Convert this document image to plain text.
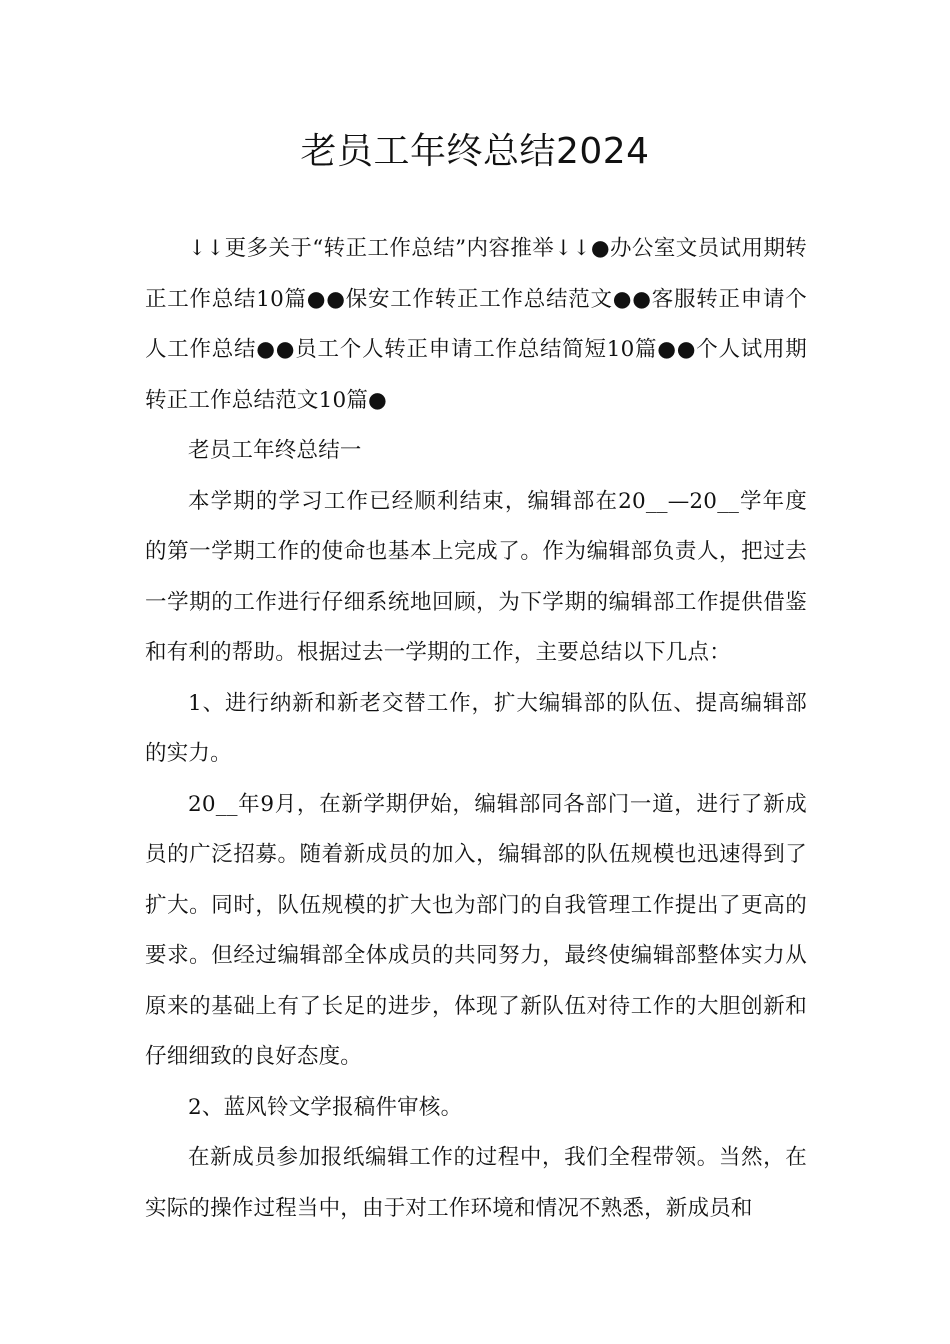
老员工年终总结2024

↓↓更多关于“转正工作总结”内容推举↓↓●办公室文员试用期转正工作总结10篇●●保安工作转正工作总结范文●●客服转正申请个人工作总结●●员工个人转正申请工作总结简短10篇●●个人试用期转正工作总结范文10篇●

老员工年终总结一

本学期的学习工作已经顺利结束，编辑部在20__—20__学年度的第一学期工作的使命也基本上完成了。作为编辑部负责人，把过去一学期的工作进行仔细系统地回顾，为下学期的编辑部工作提供借鉴和有利的帮助。根据过去一学期的工作，主要总结以下几点：

1、进行纳新和新老交替工作，扩大编辑部的队伍、提高编辑部的实力。

20__年9月，在新学期伊始，编辑部同各部门一道，进行了新成员的广泛招募。随着新成员的加入，编辑部的队伍规模也迅速得到了扩大。同时，队伍规模的扩大也为部门的自我管理工作提出了更高的要求。但经过编辑部全体成员的共同努力，最终使编辑部整体实力从原来的基础上有了长足的进步，体现了新队伍对待工作的大胆创新和仔细细致的良好态度。

2、蓝风铃文学报稿件审核。

在新成员参加报纸编辑工作的过程中，我们全程带领。当然，在实际的操作过程当中，由于对工作环境和情况不熟悉，新成员和
